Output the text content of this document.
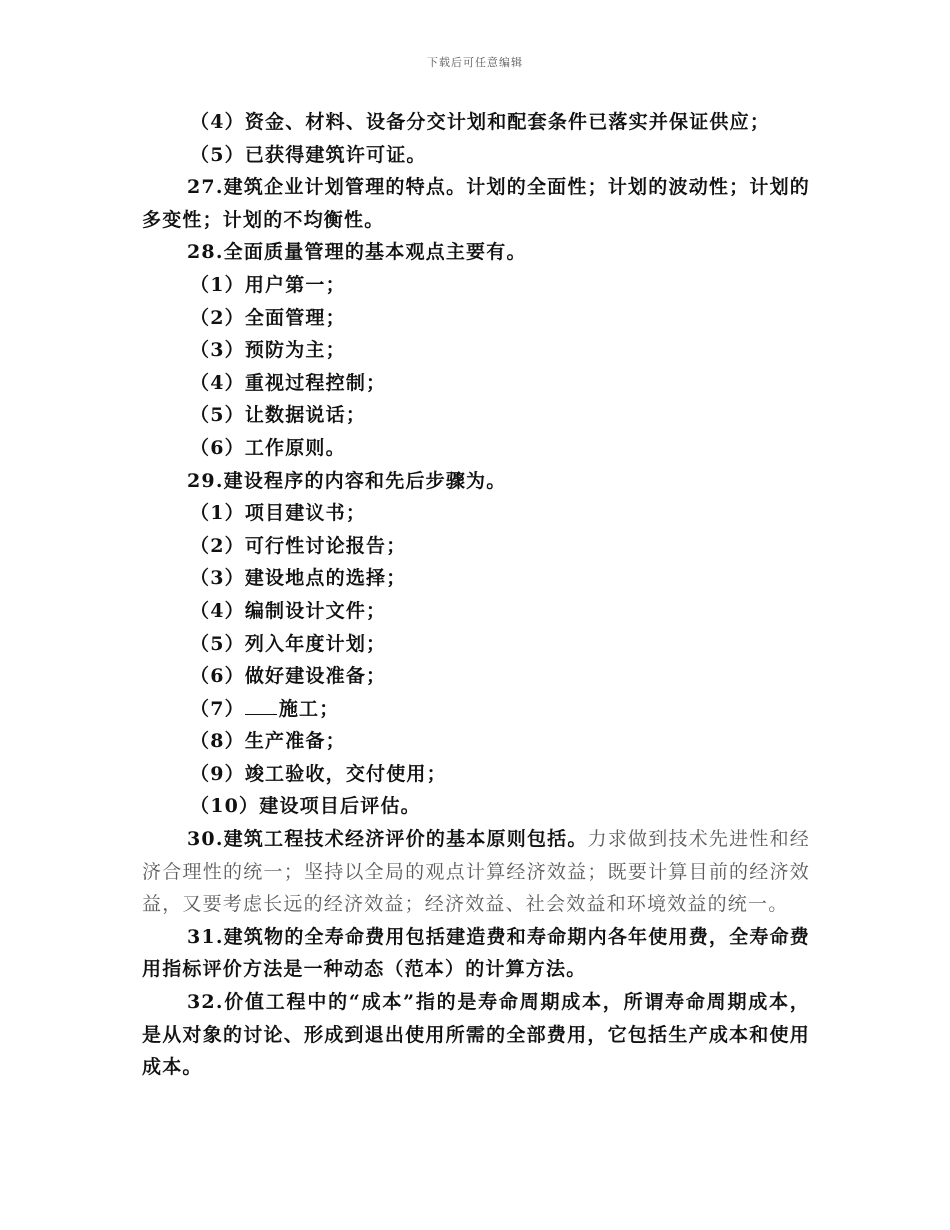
下载后可任意编辑
（4）资金、材料、设备分交计划和配套条件已落实并保证供应；
（5）已获得建筑许可证。
27.建筑企业计划管理的特点。计划的全面性；计划的波动性；计划的多变性；计划的不均衡性。
28.全面质量管理的基本观点主要有。
（1）用户第一；
（2）全面管理；
（3）预防为主；
（4）重视过程控制；
（5）让数据说话；
（6）工作原则。
29.建设程序的内容和先后步骤为。
（1）项目建议书；
（2）可行性讨论报告；
（3）建设地点的选择；
（4）编制设计文件；
（5）列入年度计划；
（6）做好建设准备；
（7） 施工；
（8）生产准备；
（9）竣工验收，交付使用；
（10）建设项目后评估。
30.建筑工程技术经济评价的基本原则包括。力求做到技术先进性和经济合理性的统一；坚持以全局的观点计算经济效益；既要计算目前的经济效益，又要考虑长远的经济效益；经济效益、社会效益和环境效益的统一。
31.建筑物的全寿命费用包括建造费和寿命期内各年使用费，全寿命费用指标评价方法是一种动态（范本）的计算方法。
32.价值工程中的“成本”指的是寿命周期成本，所谓寿命周期成本，是从对象的讨论、形成到退出使用所需的全部费用，它包括生产成本和使用成本。
